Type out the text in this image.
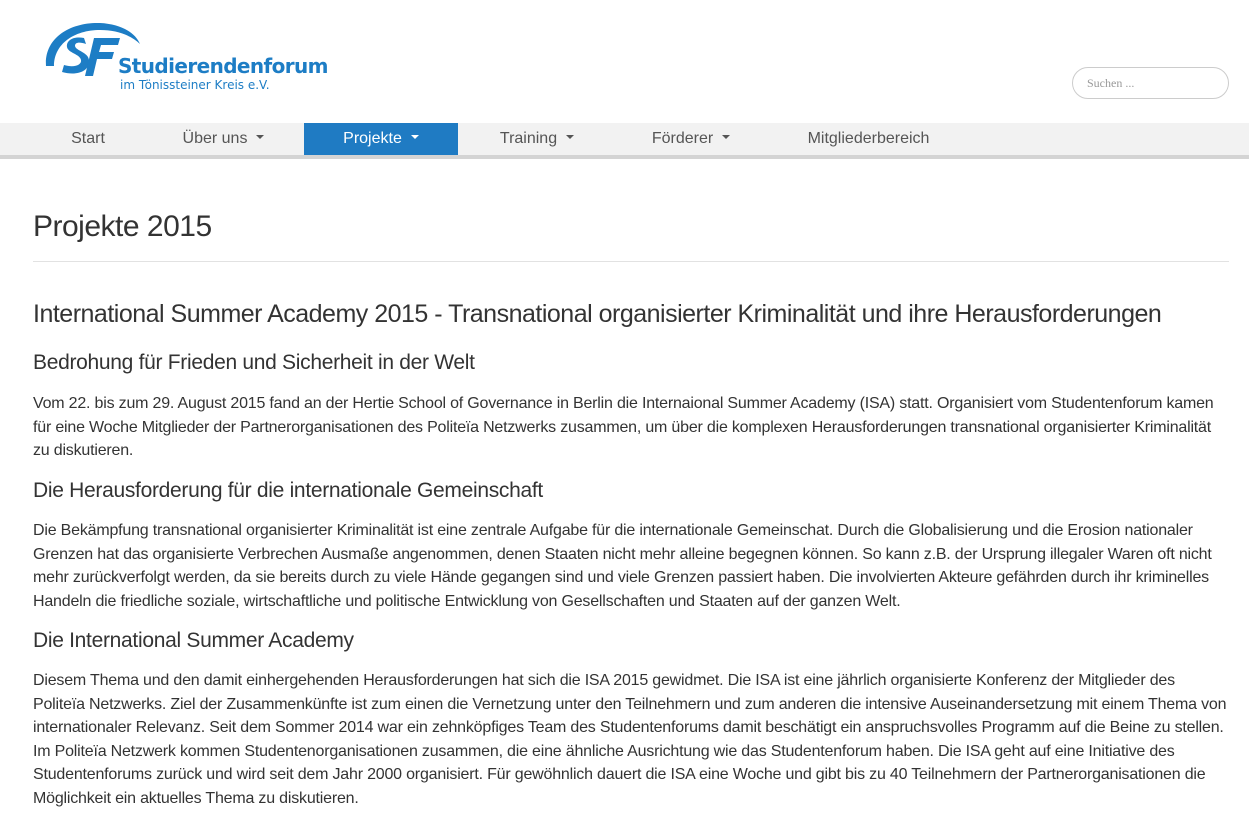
Studierendenforum
im Tönissteiner Kreis e.V.
Suchen ...
Start	Über uns	Projekte	Training	Förderer	Mitgliederbereich
Projekte 2015
International Summer Academy 2015 - Transnational organisierter Kriminalität und ihre Herausforderungen
Bedrohung für Frieden und Sicherheit in der Welt

Vom 22. bis zum 29. August 2015 fand an der Hertie School of Governance in Berlin die Internaional Summer Academy (ISA) statt. Organisiert vom Studentenforum kamen für eine Woche Mitglieder der Partnerorganisationen des Politeïa Netzwerks zusammen, um über die komplexen Herausforderungen transnational organisierter Kriminalität zu diskutieren.

Die Herausforderung für die internationale Gemeinschaft

Die Bekämpfung transnational organisierter Kriminalität ist eine zentrale Aufgabe für die internationale Gemeinschat. Durch die Globalisierung und die Erosion nationaler Grenzen hat das organisierte Verbrechen Ausmaße angenommen, denen Staaten nicht mehr alleine begegnen können. So kann z.B. der Ursprung illegaler Waren oft nicht mehr zurückverfolgt werden, da sie bereits durch zu viele Hände gegangen sind und viele Grenzen passiert haben. Die involvierten Akteure gefährden durch ihr kriminelles Handeln die friedliche soziale, wirtschaftliche und politische Entwicklung von Gesellschaften und Staaten auf der ganzen Welt.

Die International Summer Academy

Diesem Thema und den damit einhergehenden Herausforderungen hat sich die ISA 2015 gewidmet. Die ISA ist eine jährlich organisierte Konferenz der Mitglieder des Politeïa Netzwerks. Ziel der Zusammenkünfte ist zum einen die Vernetzung unter den Teilnehmern und zum anderen die intensive Auseinandersetzung mit einem Thema von internationaler Relevanz. Seit dem Sommer 2014 war ein zehnköpfiges Team des Studentenforums damit beschätigt ein anspruchsvolles Programm auf die Beine zu stellen. Im Politeïa Netzwerk kommen Studentenorganisationen zusammen, die eine ähnliche Ausrichtung wie das Studentenforum haben. Die ISA geht auf eine Initiative des Studentenforums zurück und wird seit dem Jahr 2000 organisiert. Für gewöhnlich dauert die ISA eine Woche und gibt bis zu 40 Teilnehmern der Partnerorganisationen die Möglichkeit ein aktuelles Thema zu diskutieren.
